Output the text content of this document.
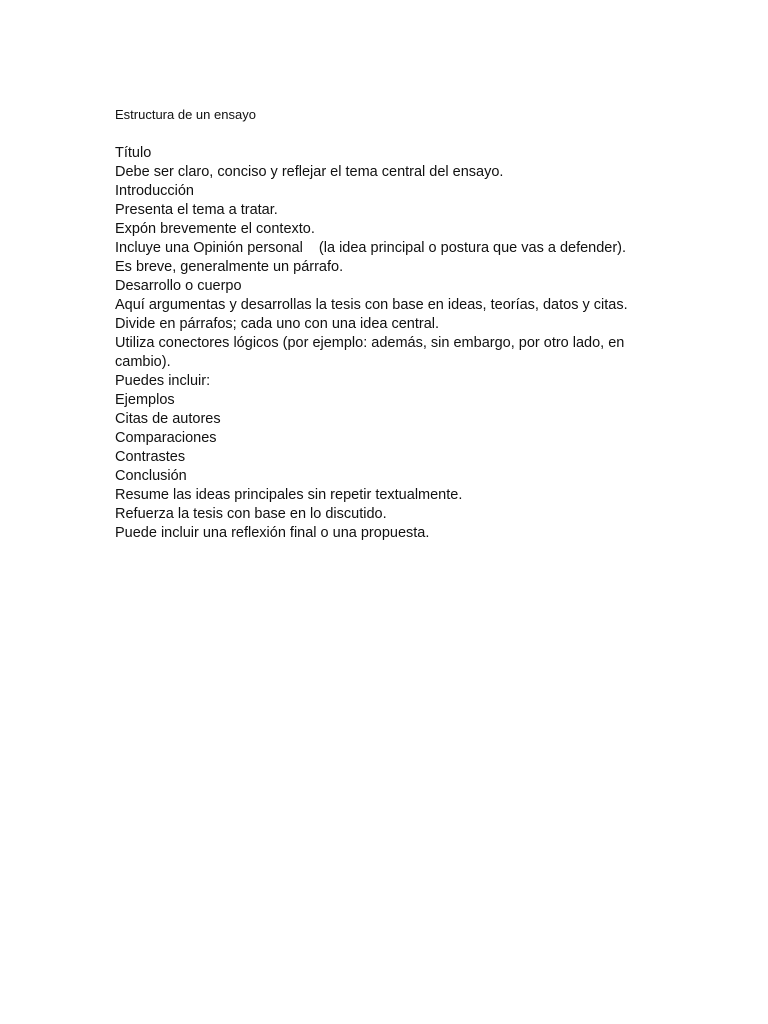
Estructura de un ensayo
Título
Debe ser claro, conciso y reflejar el tema central del ensayo.
Introducción
Presenta el tema a tratar.
Expón brevemente el contexto.
Incluye una Opinión personal    (la idea principal o postura que vas a defender).
Es breve, generalmente un párrafo.
Desarrollo o cuerpo
Aquí argumentas y desarrollas la tesis con base en ideas, teorías, datos y citas.
Divide en párrafos; cada uno con una idea central.
Utiliza conectores lógicos (por ejemplo: además, sin embargo, por otro lado, en
cambio).
Puedes incluir:
Ejemplos
Citas de autores
Comparaciones
Contrastes
Conclusión
Resume las ideas principales sin repetir textualmente.
Refuerza la tesis con base en lo discutido.
Puede incluir una reflexión final o una propuesta.
